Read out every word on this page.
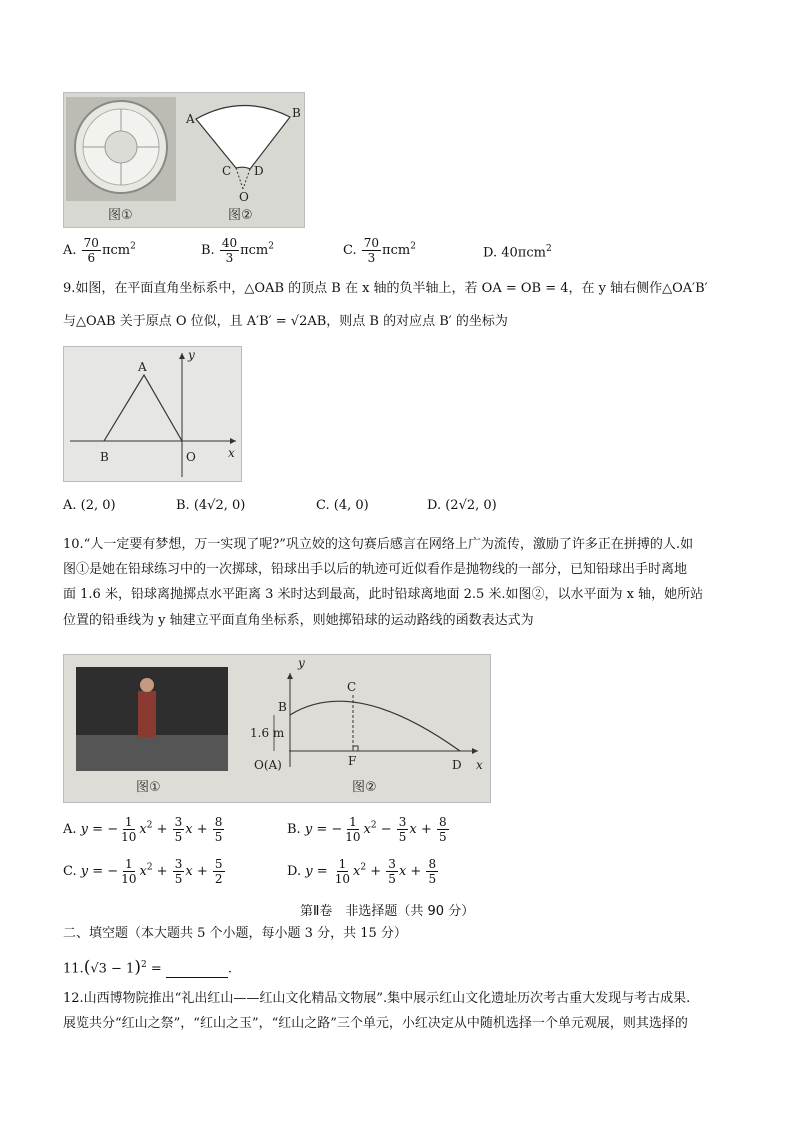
图①
A	B
C D
O
图②
A. $\frac{70}{6} \pi cm^2$	B. $\frac{40}{3} \pi cm^2$	C. $\frac{70}{3} \pi cm^2$	D. 40πcm$^2$
9.如图，在平面直角坐标系中，△OAB 的顶点 B 在 x 轴的负半轴上，若 OA = OB = 4，在 y 轴右侧作△OA′B′
与△OAB 关于原点 O 位似，且 A′B′ = √2AB，则点 B 的对应点 B′ 的坐标为
A
B	O	x
y
A. (2, 0)	B. (4√2, 0)	C. (4, 0)	D. (2√2, 0)
10.“人一定要有梦想，万一实现了呢?”巩立姣的这句赛后感言在网络上广为流传，激励了许多正在拼搏的人.如
图①是她在铅球练习中的一次掷球，铅球出手以后的轨迹可近似看作是抛物线的一部分，已知铅球出手时离地
面 1.6 米，铅球离抛掷点水平距离 3 米时达到最高，此时铅球离地面 2.5 米.如图②，以水平面为 x 轴，她所站
位置的铅垂线为 y 轴建立平面直角坐标系，则她掷铅球的运动路线的函数表达式为
图①
y
x
B
C
D
F
O(A)
1.6 m
图②
A. y = − $\frac{1}{10} x^2 + \frac{3}{5}$ $x + \frac{8}{5}$	B. y = − $\frac{1}{10} x^2 - \frac{3}{5}$ $x + \frac{8}{5}$
C. y = − $\frac{1}{10} x^2 + \frac{3}{5}$ $x + \frac{5}{2}$	D. $y = \frac{1}{10} x^2 + \frac{3}{5}$ $x + \frac{8}{5}$
第Ⅱ卷　非选择题（共 90 分）
二、填空题（本大题共 5 个小题，每小题 3 分，共 15 分）
$11.(√3 - 1)^2$ =	.
12.山西博物院推出“礼出红山——红山文化精品文物展”.集中展示红山文化遗址历次考古重大发现与考古成果.
展览共分“红山之祭”，“红山之玉”，“红山之路”三个单元，小红决定从中随机选择一个单元观展，则其选择的
